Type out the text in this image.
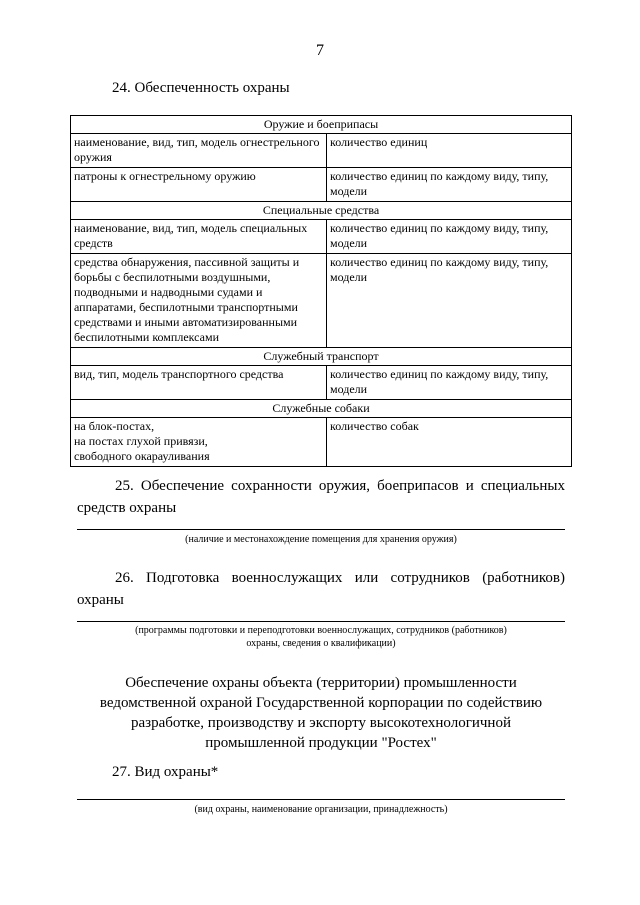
7
24. Обеспеченность охраны
Оружие и боеприпасы	
наименование, вид, тип, модель огнестрельного оружия	количество единиц
патроны к огнестрельному оружию	количество единиц по каждому виду, типу, модели
Специальные средства	
наименование, вид, тип, модель специальных средств	количество единиц по каждому виду, типу, модели
средства обнаружения, пассивной защиты и борьбы с беспилотными воздушными, подводными и надводными судами и аппаратами, беспилотными транспортными средствами и иными автоматизированными беспилотными комплексами	количество единиц по каждому виду, типу, модели
Служебный транспорт	
вид, тип, модель транспортного средства	количество единиц по каждому виду, типу, модели
Служебные собаки	

на блок-постах,
на постах глухой привязи,
свободного окарауливания	количество собак
25. Обеспечение сохранности оружия, боеприпасов и специальных
средств охраны
(наличие и местонахождение помещения для хранения оружия)
26. Подготовка военнослужащих или сотрудников (работников)
охраны
(программы подготовки и переподготовки военнослужащих, сотрудников (работников)
охраны, сведения о квалификации)
Обеспечение охраны объекта (территории) промышленности
ведомственной охраной Государственной корпорации по содействию
разработке, производству и экспорту высокотехнологичной
промышленной продукции "Ростех"
27. Вид охраны*
(вид охраны, наименование организации, принадлежность)
